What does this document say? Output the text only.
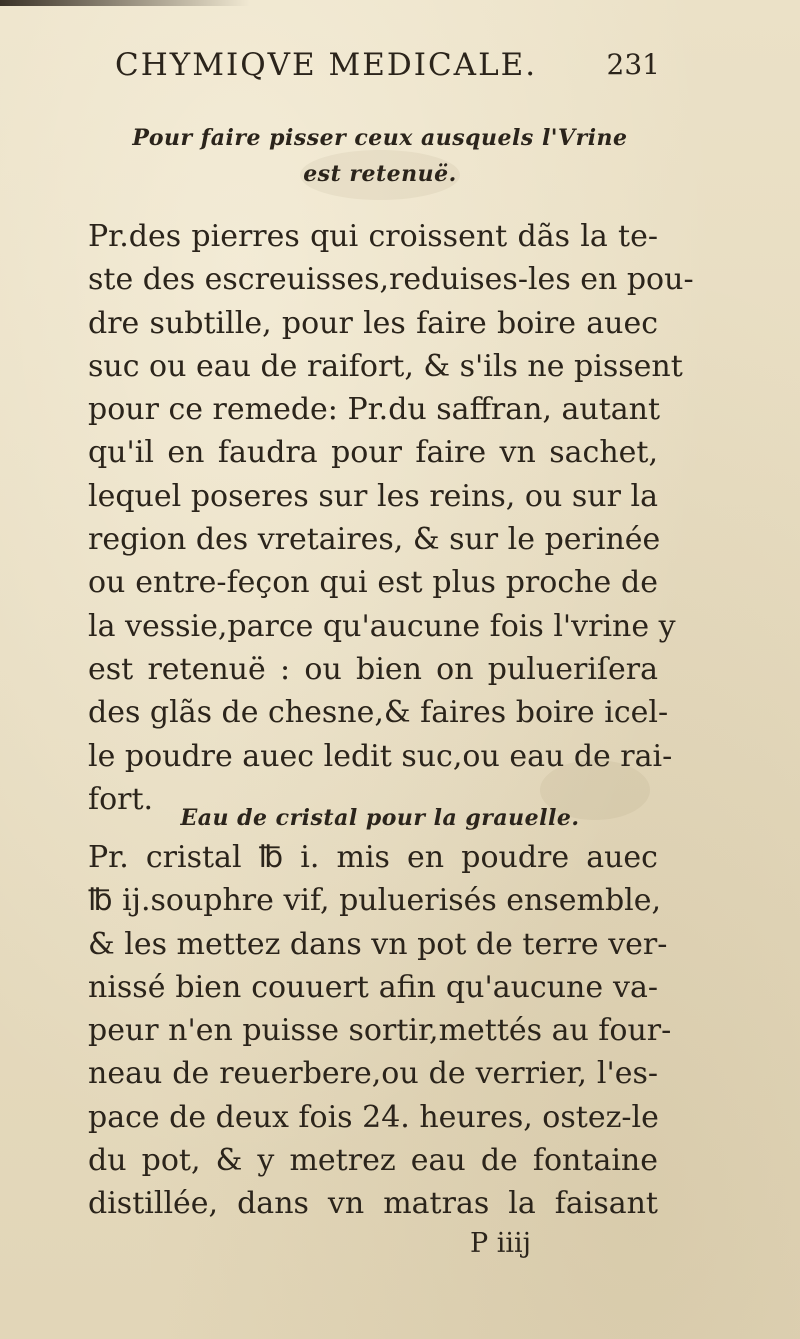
CHYMIQVE MEDICALE. 231
Pour faire pisser ceux ausquels l'Vrine
est retenuë.
Pr.des pierres qui croissent dãs la te-
ste des escreuisses,reduises-les en pou-
dre subtille, pour les faire boire auec
suc ou eau de raifort, & s'ils ne pissent
pour ce remede: Pr.du saffran, autant
qu'il en faudra pour faire vn sachet,
lequel poseres sur les reins, ou sur la
region des vretaires, & sur le perinée
ou entre-feçon qui est plus proche de
la vessie,parce qu'aucune fois l'vrine y
est retenuë : ou bien on pulueriſera
des glãs de chesne,& faires boire icel-
le poudre auec ledit suc,ou eau de rai-
fort.
Eau de cristal pour la grauelle.
Pr. cristal ℔ i. mis en poudre auec
℔ ij.souphre vif, puluerisés ensemble,
& les mettez dans vn pot de terre ver-
nissé bien couuert afin qu'aucune va-
peur n'en puisse sortir,mettés au four-
neau de reuerbere,ou de verrier, l'es-
pace de deux fois 24. heures, ostez-le
du pot, & y metrez eau de fontaine
distillée, dans vn matras la faisant
P iiij
